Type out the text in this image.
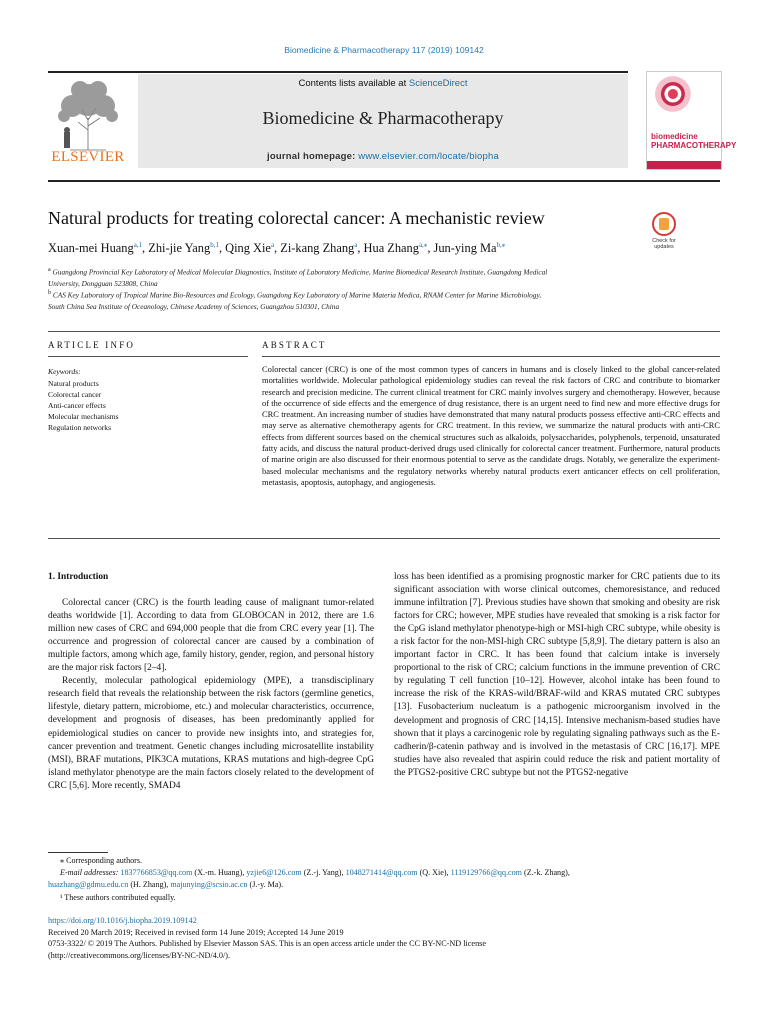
Biomedicine & Pharmacotherapy 117 (2019) 109142
ELSEVIER
Contents lists available at ScienceDirect
Biomedicine & Pharmacotherapy
journal homepage: www.elsevier.com/locate/biopha
biomedicine
PHARMACOTHERAPY
Natural products for treating colorectal cancer: A mechanistic review
Check for
updates
Xuan-mei Huang$^{a,1}$, Zhi-jie Yang$^{b,1}$, Qing Xie$^a$, Zi-kang Zhang$^a$, Hua Zhang$^{a,⁎}$, Jun-ying $Ma^{b,⁎}$
$^a$ Guangdong Provincial Key Laboratory of Medical Molecular Diagnostics, Institute of Laboratory Medicine, Marine Biomedical Research Institute, Guangdong Medical
University, Dongguan 523808, China
$^b$ CAS Key Laboratory of Tropical Marine Bio-Resources and Ecology, Guangdong Key Laboratory of Marine Materia Medica, RNAM Center for Marine Microbiology,
South China Sea Institute of Oceanology, Chinese Academy of Sciences, Guangzhou 510301, China
ARTICLE INFO	ABSTRACT
Keywords:
Natural products
Colorectal cancer
Anti-cancer effects
Molecular mechanisms
Regulation networks
Colorectal cancer (CRC) is one of the most common types of cancers in humans and is closely linked to the global cancer-related mortalities worldwide. Molecular pathological epidemiology studies can reveal the risk factors of CRC and contribute to biomarker research and precision medicine. The current clinical treatment for CRC mainly involves surgery and chemotherapy. However, because of the occurrence of side effects and the emergence of drug resistance, there is an urgent need to find new and more effective drugs for CRC treatment. An increasing number of studies have demonstrated that many natural products possess effective anti-CRC effects and may serve as alternative chemotherapy agents for CRC treatment. In this review, we summarize the natural products with anti-CRC effects from different sources based on the chemical structures such as alkaloids, polysaccharides, polyphenols, terpenoid, unsaturated fatty acids, and discuss the natural product-derived drugs used clinically for colorectal cancer treatment. Furthermore, natural products of marine origin are also discussed for their enormous potential to serve as the candidate drugs. Notably, we generalize the experiment-based molecular mechanisms and the regulatory networks whereby natural products exert anticancer effects on cell proliferation, metastasis, apoptosis, autophagy, and angiogenesis.

1. Introduction

Colorectal cancer (CRC) is the fourth leading cause of malignant tumor-related deaths worldwide [1]. According to data from GLOBOCAN in 2012, there are 1.6 million new cases of CRC and 694,000 people that die from CRC every year [1]. The occurrence and progression of colorectal cancer are caused by a combination of multiple factors, among which age, family history, gender, region, and personal history are the major risk factors [2–4].

Recently, molecular pathological epidemiology (MPE), a transdisciplinary research field that reveals the relationship between the risk factors (germline genetics, lifestyle, dietary pattern, microbiome, etc.) and molecular characteristics, occurrence, development and prognosis of diseases, has been predominantly applied for epidemiological studies on cancer to provide new insights into, and strategies for, cancer prevention and treatment. Genetic changes including microsatellite instability (MSI), BRAF mutations, PIK3CA mutations, KRAS mutations and high-degree CpG island methylator phenotype are the main factors closely related to the development of CRC [5,6]. More recently, SMAD4

loss has been identified as a promising prognostic marker for CRC patients due to its significant association with worse clinical outcomes, chemoresistance, and reduced immune infiltration [7]. Previous studies have shown that smoking and obesity are risk factors for CRC; however, MPE studies have revealed that smoking is a risk factor for the CpG island methylator phenotype-high or MSI-high CRC subtype, while obesity is a risk factor for the non-MSI-high CRC subtype [5,8,9]. The dietary pattern is also an important factor in CRC. It has been found that calcium intake is inversely proportional to the risk of CRC; calcium functions in the immune prevention of CRC by regulating T cell function [10–12]. However, alcohol intake has been found to increase the risk of the KRAS-wild/BRAF-wild and KRAS mutated CRC subtypes [13]. Fusobacterium nucleatum is a pathogenic microorganism involved in the development and prognosis of CRC [14,15]. Intensive mechanism-based studies have shown that it plays a carcinogenic role by regulating signaling pathways such as the E-cadherin/β-catenin pathway and is involved in the metastasis of CRC [16,17]. MPE studies have also revealed that aspirin could reduce the risk and patient mortality of the PTGS2-positive CRC subtype but not the PTGS2-negative

⁎ Corresponding authors.
E-mail addresses: 1837766853@qq.com (X.-m. Huang), yzjie6@126.com (Z.-j. Yang), 1048271414@qq.com (Q. Xie), 1119129766@qq.com (Z.-k. Zhang),
huazhang@gdmu.edu.cn (H. Zhang), majunying@scsio.ac.cn (J.-y. Ma).
¹ These authors contributed equally.
https://doi.org/10.1016/j.biopha.2019.109142
Received 20 March 2019; Received in revised form 14 June 2019; Accepted 14 June 2019
0753-3322/ © 2019 The Authors. Published by Elsevier Masson SAS. This is an open access article under the CC BY-NC-ND license
(http://creativecommons.org/licenses/BY-NC-ND/4.0/).
